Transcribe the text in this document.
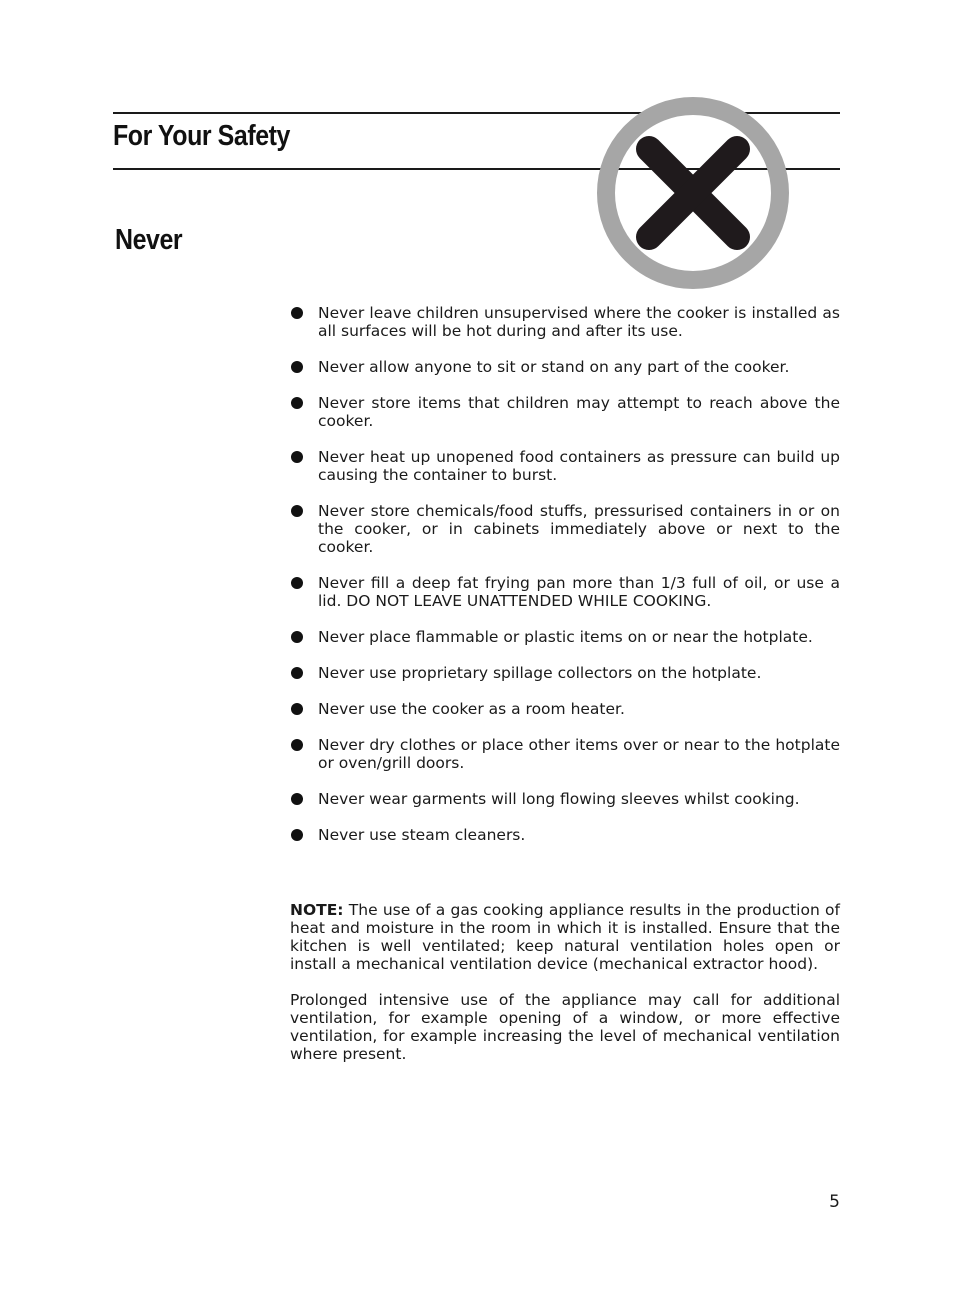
For Your Safety
Never
Never leave children unsupervised where the cooker is installed as all surfaces will be hot during and after its use.
Never allow anyone to sit or stand on any part of the cooker.
Never store items that children may attempt to reach above the cooker.
Never heat up unopened food containers as pressure can build up causing the container to burst.
Never store chemicals/food stuffs, pressurised containers in or on the cooker, or in cabinets immediately above or next to the cooker.
Never fill a deep fat frying pan more than 1/3 full of oil, or use a lid. DO NOT LEAVE UNATTENDED WHILE COOKING.
Never place flammable or plastic items on or near the hotplate.
Never use proprietary spillage collectors on the hotplate.
Never use the cooker as a room heater.
Never dry clothes or place other items over or near to the hotplate or oven/grill doors.
Never wear garments will long flowing sleeves whilst cooking.
Never use steam cleaners.

NOTE: The use of a gas cooking appliance results in the production of heat and moisture in the room in which it is installed. Ensure that the kitchen is well ventilated; keep natural ventilation holes open or install a mechanical ventilation device (mechanical extractor hood).

Prolonged intensive use of the appliance may call for additional ventilation, for example opening of a window, or more effective ventilation, for example increasing the level of mechanical ventilation where present.

5
